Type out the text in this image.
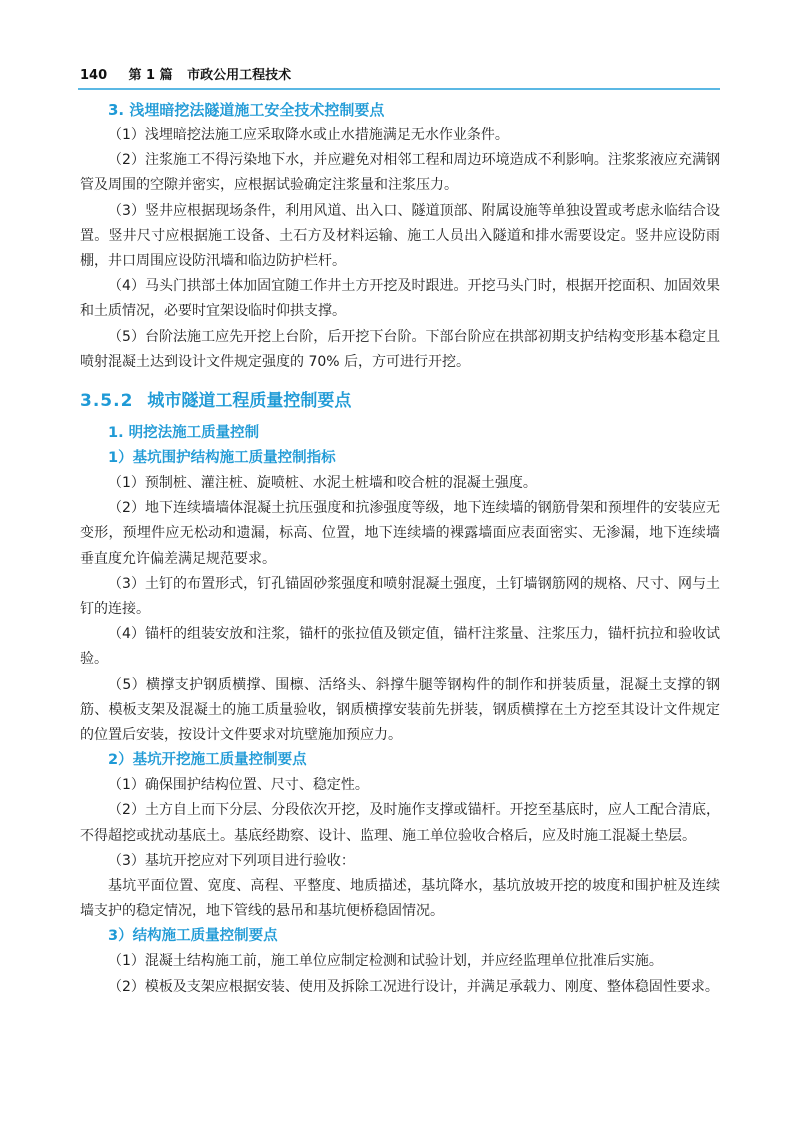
140 第 1 篇 市政公用工程技术
3. 浅埋暗挖法隧道施工安全技术控制要点

（1）浅埋暗挖法施工应采取降水或止水措施满足无水作业条件。

（2）注浆施工不得污染地下水，并应避免对相邻工程和周边环境造成不利影响。注浆浆液应充满钢管及周围的空隙并密实，应根据试验确定注浆量和注浆压力。

（3）竖井应根据现场条件，利用风道、出入口、隧道顶部、附属设施等单独设置或考虑永临结合设置。竖井尺寸应根据施工设备、土石方及材料运输、施工人员出入隧道和排水需要设定。竖井应设防雨棚，井口周围应设防汛墙和临边防护栏杆。

（4）马头门拱部土体加固宜随工作井土方开挖及时跟进。开挖马头门时，根据开挖面积、加固效果和土质情况，必要时宜架设临时仰拱支撑。

（5）台阶法施工应先开挖上台阶，后开挖下台阶。下部台阶应在拱部初期支护结构变形基本稳定且喷射混凝土达到设计文件规定强度的 70% 后，方可进行开挖。

3.5.2 城市隧道工程质量控制要点
1. 明挖法施工质量控制
1）基坑围护结构施工质量控制指标

（1）预制桩、灌注桩、旋喷桩、水泥土桩墙和咬合桩的混凝土强度。

（2）地下连续墙墙体混凝土抗压强度和抗渗强度等级，地下连续墙的钢筋骨架和预埋件的安装应无变形，预埋件应无松动和遗漏，标高、位置，地下连续墙的裸露墙面应表面密实、无渗漏，地下连续墙垂直度允许偏差满足规范要求。

（3）土钉的布置形式，钉孔锚固砂浆强度和喷射混凝土强度，土钉墙钢筋网的规格、尺寸、网与土钉的连接。

（4）锚杆的组装安放和注浆，锚杆的张拉值及锁定值，锚杆注浆量、注浆压力，锚杆抗拉和验收试验。

（5）横撑支护钢质横撑、围檩、活络头、斜撑牛腿等钢构件的制作和拼装质量，混凝土支撑的钢筋、模板支架及混凝土的施工质量验收，钢质横撑安装前先拼装，钢质横撑在土方挖至其设计文件规定的位置后安装，按设计文件要求对坑壁施加预应力。

2）基坑开挖施工质量控制要点

（1）确保围护结构位置、尺寸、稳定性。

（2）土方自上而下分层、分段依次开挖，及时施作支撑或锚杆。开挖至基底时，应人工配合清底，不得超挖或扰动基底土。基底经勘察、设计、监理、施工单位验收合格后，应及时施工混凝土垫层。

（3）基坑开挖应对下列项目进行验收：

基坑平面位置、宽度、高程、平整度、地质描述，基坑降水，基坑放坡开挖的坡度和围护桩及连续墙支护的稳定情况，地下管线的悬吊和基坑便桥稳固情况。

3）结构施工质量控制要点

（1）混凝土结构施工前，施工单位应制定检测和试验计划，并应经监理单位批准后实施。

（2）模板及支架应根据安装、使用及拆除工况进行设计，并满足承载力、刚度、整体稳固性要求。
